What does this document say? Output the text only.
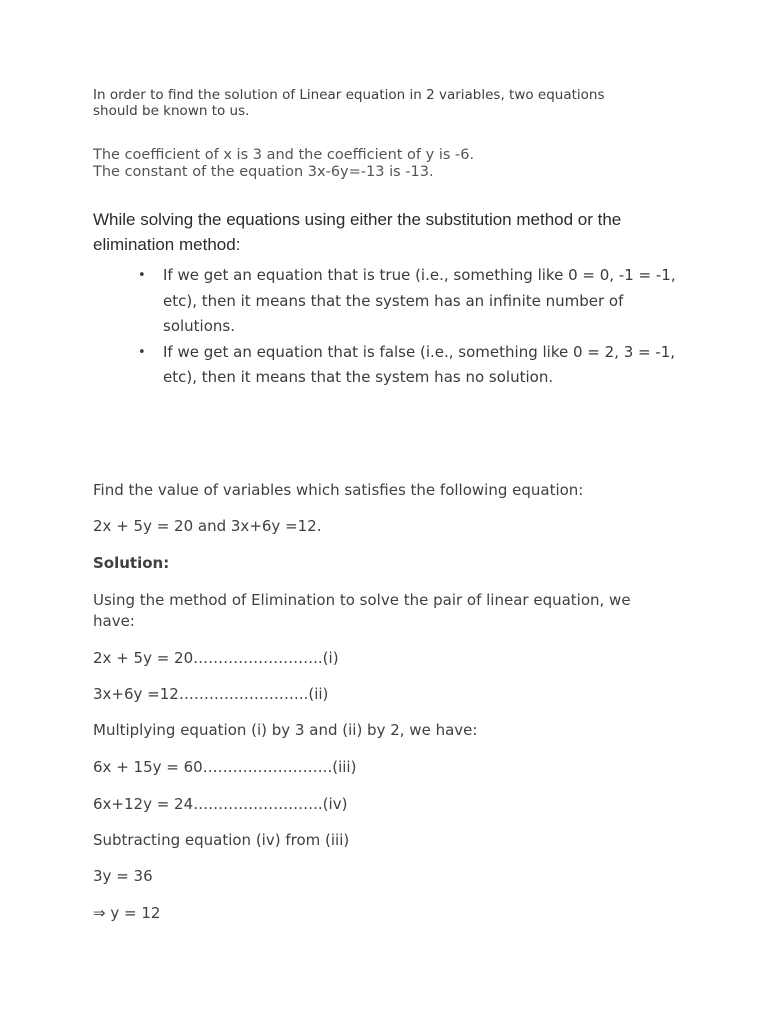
In order to find the solution of Linear equation in 2 variables, two equations should be known to us.

The coefficient of x is 3 and the coefficient of y is -6.
The constant of the equation 3x-6y=-13 is -13.

While solving the equations using either the substitution method or the elimination method:

• If we get an equation that is true (i.e., something like 0 = 0, -1 = -1, etc), then it means that the system has an infinite number of solutions.
• If we get an equation that is false (i.e., something like 0 = 2, 3 = -1, etc), then it means that the system has no solution.

Find the value of variables which satisfies the following equation:

2x + 5y = 20 and 3x+6y =12.

Solution:

Using the method of Elimination to solve the pair of linear equation, we have:

2x + 5y = 20……………………..(i)

3x+6y =12……………………..(ii)

Multiplying equation (i) by 3 and (ii) by 2, we have:

6x + 15y = 60……………………..(iii)

6x+12y = 24……………………..(iv)

Subtracting equation (iv) from (iii)

3y = 36

⇒ y = 12
